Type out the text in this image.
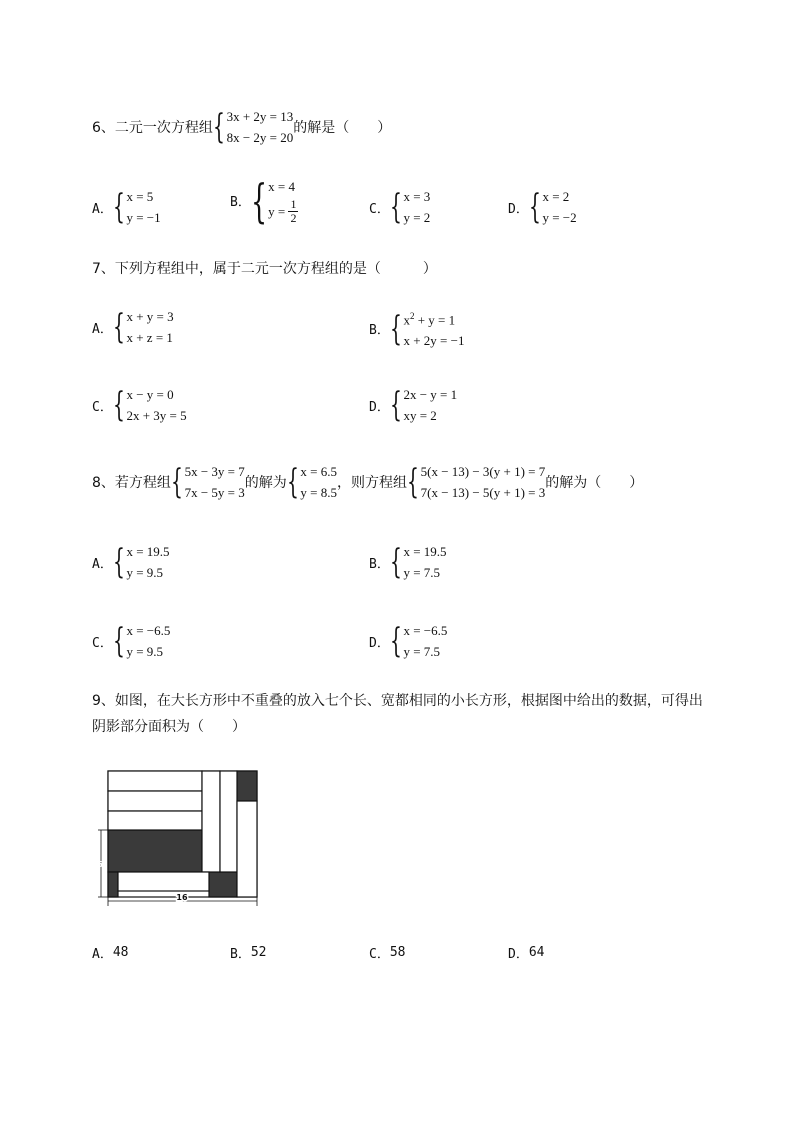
6、二元一次方程组 { 3x + 2y = 13
8x − 2y = 20
的解是（　　）
A． { x = 5
y = −1
B． { x = 4
$y = \frac{1}{2}$	C． { x = 3
y = 2
D． { x = 2
y = −2
7、下列方程组中，属于二元一次方程组的是（　　　）
A． { x + y = 3
x + z = 1	B． { $x^2 + y = 1$
x + 2y = −1
C． { x − y = 0
2x + 3y = 5
D． { 2x − y = 1
xy = 2
8、若方程组 { 5x − 3y = 7
7x − 5y = 3
的解为 { x = 6.5
y = 8.5
，则方程组 { 5(x − 13) − 3(y + 1) = 7
7(x − 13) − 5(y + 1) = 3
的解为（　　）
A． { x = 19.5
y = 9.5
B． { x = 19.5
y = 7.5
C． { x = −6.5
y = 9.5
D． { x = −6.5
y = 7.5
9、如图，在大长方形中不重叠的放入七个长、宽都相同的小长方形，根据图中给出的数据，可得出
阴影部分面积为（　　）
6
16
A． 48	B． 52	C． 58	D． 64
